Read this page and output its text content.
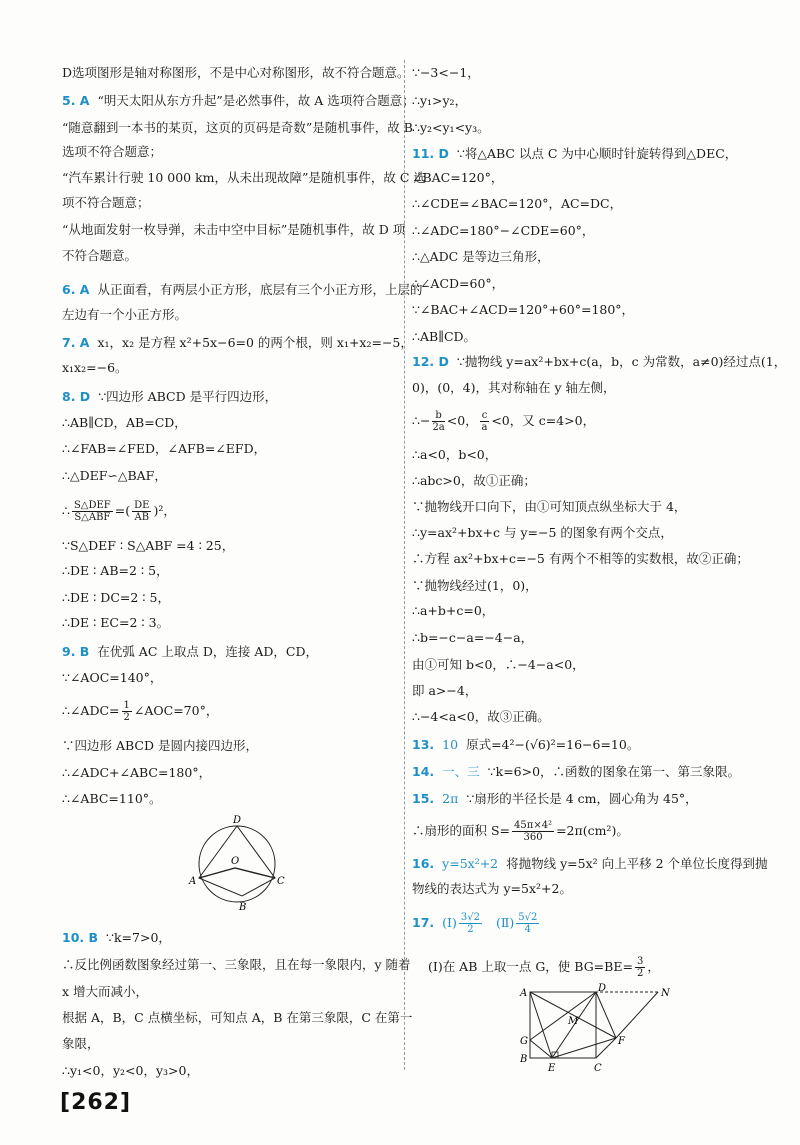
D选项图形是轴对称图形，不是中心对称图形，故不符合题意。
5. A “明天太阳从东方升起”是必然事件，故 A 选项符合题意；
“随意翻到一本书的某页，这页的页码是奇数”是随机事件，故 B
选项不符合题意；
“汽车累计行驶 10 000 km，从未出现故障”是随机事件，故 C 选
项不符合题意；
“从地面发射一枚导弹，未击中空中目标”是随机事件，故 D 项
不符合题意。
6. A 从正面看，有两层小正方形，底层有三个小正方形，上层的
左边有一个小正方形。
7. A x₁，x₂ 是方程 x²+5x−6=0 的两个根，则 x₁+x₂=−5，
x₁x₂=−6。
8. D ∵四边形 ABCD 是平行四边形，
∴AB∥CD，AB=CD，
∴∠FAB=∠FED，∠AFB=∠EFD，
∴△DEF∽△BAF，
∴ $\frac{\text{S△DEF}}{\text{S△ABF}}$ =( $\frac{DE}{AB} )^2$，
∵S△DEF ∶ S△ABF =4 ∶ 25，
∴DE ∶ AB=2 ∶ 5，
∴DE ∶ DC=2 ∶ 5，
∴DE ∶ EC=2 ∶ 3。
9. B 在优弧 AC 上取点 D，连接 AD，CD，
∵∠AOC=140°，
∴∠ADC= $\frac{1}{2}$ ∠AOC=70°，
∵四边形 ABCD 是圆内接四边形，
∴∠ADC+∠ABC=180°，
∴∠ABC=110°。
D
O
A	C
B
10. B ∵k=7>0，
∴反比例函数图象经过第一、三象限，且在每一象限内，y 随着
x 增大而减小，
根据 A，B，C 点横坐标，可知点 A，B 在第三象限，C 在第一
象限，
∴y₁<0，y₂<0，y₃>0，
∵−3<−1，
∴y₁>y₂，
∴y₂<y₁<y₃。
11. D ∵将△ABC 以点 C 为中心顺时针旋转得到△DEC，
∠BAC=120°，
∴∠CDE=∠BAC=120°，AC=DC，
∴∠ADC=180°−∠CDE=60°，
∴△ADC 是等边三角形，
∴∠ACD=60°，
∵∠BAC+∠ACD=120°+60°=180°，
∴AB∥CD。
12. D ∵抛物线 y=ax²+bx+c(a，b，c 为常数，a≠0)经过点(1，
0)，(0，4)，其对称轴在 y 轴左侧，
∴− $\frac{b}{2a} <0$， $\frac{c}{a} <0$，又 c=4>0，
∴a<0，b<0，
∴abc>0，故①正确；
∵抛物线开口向下，由①可知顶点纵坐标大于 4，
∴y=ax²+bx+c 与 y=−5 的图象有两个交点，
∴方程 ax²+bx+c=−5 有两个不相等的实数根，故②正确；
∵抛物线经过(1，0)，
∴a+b+c=0，
∴b=−c−a=−4−a，
由①可知 b<0，∴−4−a<0，
即 a>−4，
∴−4<a<0，故③正确。
13. 10 原式=4²−(√6)²=16−6=10。
14. 一、三 ∵k=6>0，∴函数的图象在第一、第三象限。
15. 2π ∵扇形的半径长是 4 cm，圆心角为 45°，
∴扇形的面积 $S= \frac{\text{45π×4²}}{360} =2\pi(cm^2)$。
16. y=5x²+2 将抛物线 y=5x² 向上平移 2 个单位长度得到抛
物线的表达式为 y=5x²+2。
17. (Ⅰ) $\frac{3√2}{2}$ (Ⅱ) $\frac{5√2}{4}$
(Ⅰ)在 AB 上取一点 G，使 $BG=BE= \frac{3}{2}$ ，
A	D	N
M
G	F
B
E	C
[262]
